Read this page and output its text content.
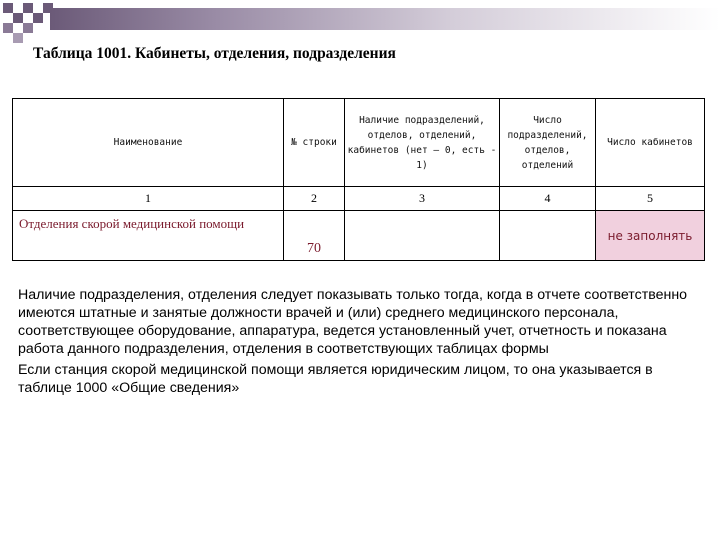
Таблица 1001. Кабинеты, отделения, подразделения
Наименование	№ строки	Наличие подразделений, отделов, отделений, кабинетов (нет – 0, есть - 1)	Число подразделений, отделов, отделений	Число кабинетов
1	2	3	4	5
Отделения скорой медицинской помощи	70			не заполнять

Наличие подразделения, отделения следует показывать только тогда, когда в отчете соответственно имеются штатные и занятые должности врачей и (или) среднего медицинского персонала, соответствующее оборудование, аппаратура, ведется установленный учет, отчетность и показана работа данного подразделения, отделения в соответствующих таблицах формы

Если станция скорой медицинской помощи является юридическим лицом, то она указывается в таблице 1000 «Общие сведения»
